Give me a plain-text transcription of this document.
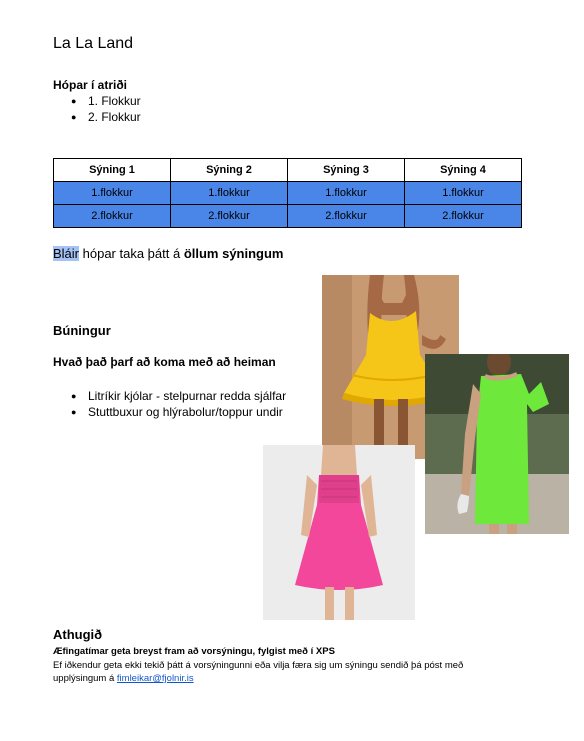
La La Land
Hópar í atriði
● 1. Flokkur
● 2. Flokkur
Sýning 1	Sýning 2	Sýning 3	Sýning 4
1.flokkur	1.flokkur	1.flokkur	1.flokkur
2.flokkur	2.flokkur	2.flokkur	2.flokkur
Bláir hópar taka þátt á öllum sýningum
Búningur
Hvað það þarf að koma með að heiman
● Litríkir kjólar - stelpurnar redda sjálfar
● Stuttbuxur og hlýrabolur/toppur undir
Athugið
Æfingatímar geta breyst fram að vorsýningu, fylgist með í XPS
Ef iðkendur geta ekki tekið þátt á vorsýningunni eða vilja færa sig um sýningu sendið þá póst með upplýsingum á fimleikar@fjolnir.is
